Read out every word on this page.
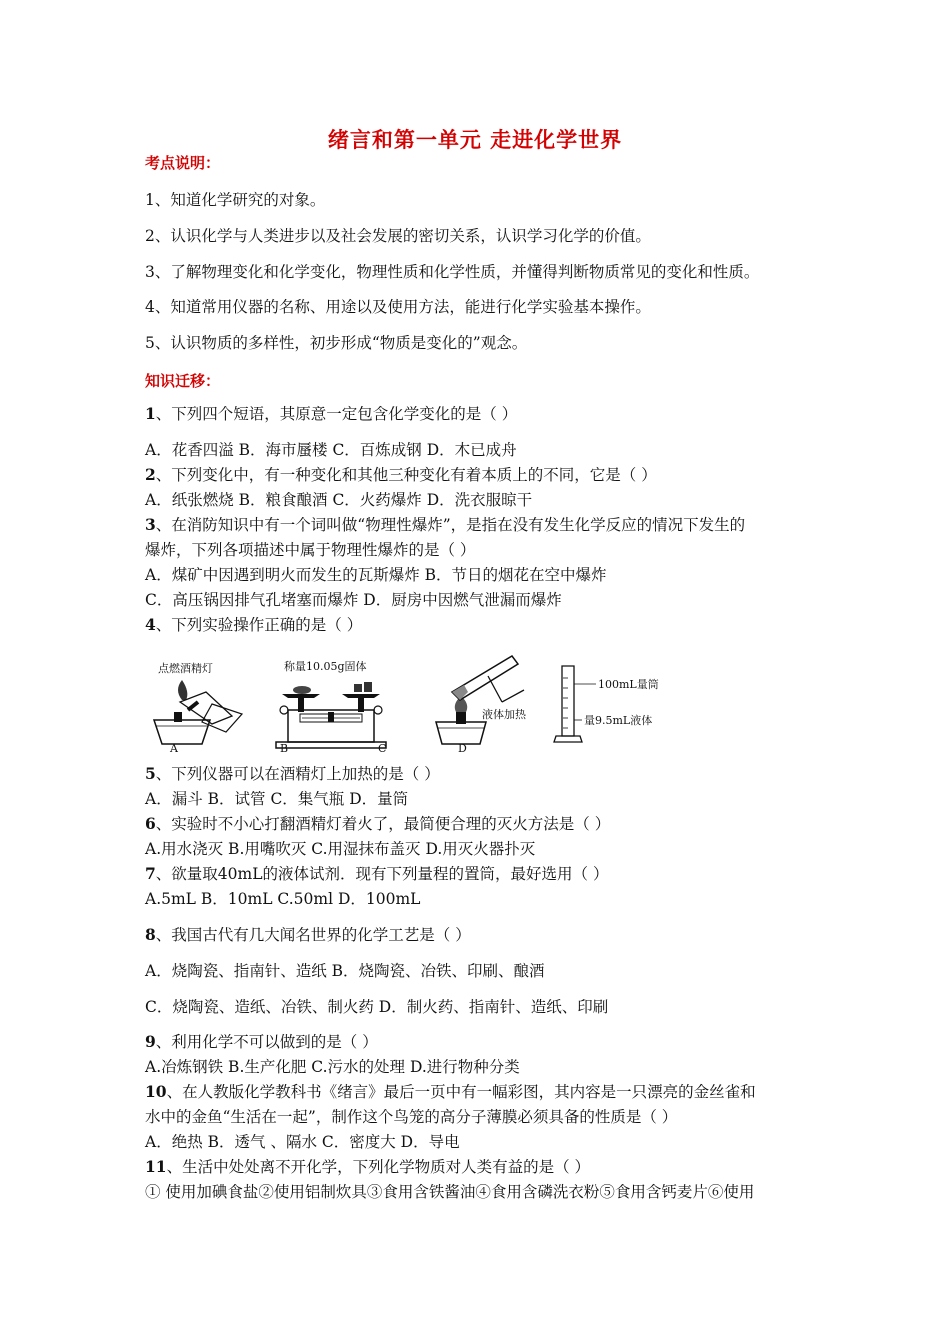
绪言和第一单元 走进化学世界
考点说明：
1、知道化学研究的对象。
2、认识化学与人类进步以及社会发展的密切关系，认识学习化学的价值。
3、了解物理变化和化学变化，物理性质和化学性质，并懂得判断物质常见的变化和性质。
4、知道常用仪器的名称、用途以及使用方法，能进行化学实验基本操作。
5、认识物质的多样性，初步形成“物质是变化的”观念。
知识迁移：
1、下列四个短语，其原意一定包含化学变化的是（ ）
A．花香四溢 B．海市蜃楼 C．百炼成钢 D．木已成舟
2、下列变化中，有一种变化和其他三种变化有着本质上的不同，它是（ ）
A．纸张燃烧 B．粮食酿酒 C．火药爆炸 D．洗衣服晾干
3、在消防知识中有一个词叫做“物理性爆炸”，是指在没有发生化学反应的情况下发生的
爆炸，下列各项描述中属于物理性爆炸的是（ ）
A．煤矿中因遇到明火而发生的瓦斯爆炸 B．节日的烟花在空中爆炸
C．高压锅因排气孔堵塞而爆炸 D．厨房中因燃气泄漏而爆炸
4、下列实验操作正确的是（ ）
点燃酒精灯
A
称量10.05g固体
B	C
液体加热
D
100mL量筒
量9.5mL液体
5、下列仪器可以在酒精灯上加热的是（ ）
A．漏斗 B．试管 C．集气瓶 D．量筒
6、实验时不小心打翻酒精灯着火了，最简便合理的灭火方法是（ ）
A.用水浇灭 B.用嘴吹灭 C.用湿抹布盖灭 D.用灭火器扑灭
7、欲量取40mL的液体试剂．现有下列量程的置筒，最好选用（ ）
A.5mL B．10mL C.50ml D．100mL
8、我国古代有几大闻名世界的化学工艺是（ ）
A．烧陶瓷、指南针、造纸 B．烧陶瓷、冶铁、印刷、酿酒
C．烧陶瓷、造纸、冶铁、制火药 D．制火药、指南针、造纸、印刷
9、利用化学不可以做到的是（ ）
A.冶炼钢铁 B.生产化肥 C.污水的处理 D.进行物种分类
10、在人教版化学教科书《绪言》最后一页中有一幅彩图，其内容是一只漂亮的金丝雀和
水中的金鱼“生活在一起”，制作这个鸟笼的高分子薄膜必须具备的性质是（ ）
A．绝热 B．透气 、隔水 C．密度大 D．导电
11、生活中处处离不开化学，下列化学物质对人类有益的是（ ）
① 使用加碘食盐②使用铝制炊具③食用含铁酱油④食用含磷洗衣粉⑤食用含钙麦片⑥使用
